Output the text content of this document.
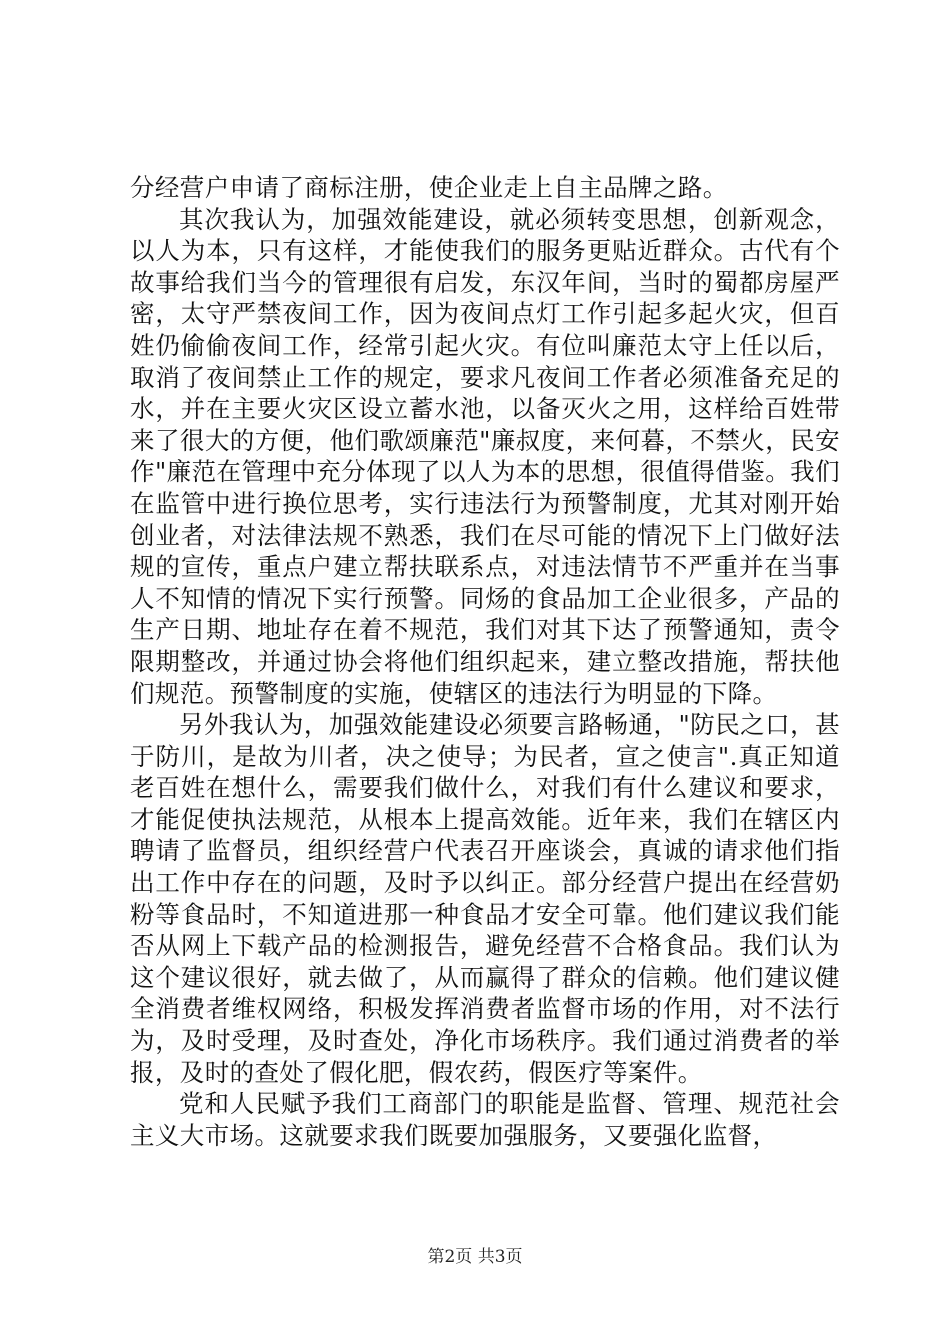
分经营户申请了商标注册，使企业走上自主品牌之路。

其次我认为，加强效能建设，就必须转变思想，创新观念，以人为本，只有这样，才能使我们的服务更贴近群众。古代有个故事给我们当今的管理很有启发，东汉年间，当时的蜀都房屋严密，太守严禁夜间工作，因为夜间点灯工作引起多起火灾，但百姓仍偷偷夜间工作，经常引起火灾。有位叫廉范太守上任以后，取消了夜间禁止工作的规定，要求凡夜间工作者必须准备充足的水，并在主要火灾区设立蓄水池，以备灭火之用，这样给百姓带来了很大的方便，他们歌颂廉范"廉叔度，来何暮，不禁火，民安作"廉范在管理中充分体现了以人为本的思想，很值得借鉴。我们在监管中进行换位思考，实行违法行为预警制度，尤其对刚开始创业者，对法律法规不熟悉，我们在尽可能的情况下上门做好法规的宣传，重点户建立帮扶联系点，对违法情节不严重并在当事人不知情的情况下实行预警。同炀的食品加工企业很多，产品的生产日期、地址存在着不规范，我们对其下达了预警通知，责令限期整改，并通过协会将他们组织起来，建立整改措施，帮扶他们规范。预警制度的实施，使辖区的违法行为明显的下降。

另外我认为，加强效能建设必须要言路畅通，"防民之口，甚于防川，是故为川者，决之使导；为民者，宣之使言".真正知道老百姓在想什么，需要我们做什么，对我们有什么建议和要求，才能促使执法规范，从根本上提高效能。近年来，我们在辖区内聘请了监督员，组织经营户代表召开座谈会，真诚的请求他们指出工作中存在的问题，及时予以纠正。部分经营户提出在经营奶粉等食品时，不知道进那一种食品才安全可靠。他们建议我们能否从网上下载产品的检测报告，避免经营不合格食品。我们认为这个建议很好，就去做了，从而赢得了群众的信赖。他们建议健全消费者维权网络，积极发挥消费者监督市场的作用，对不法行为，及时受理，及时查处，净化市场秩序。我们通过消费者的举报，及时的查处了假化肥，假农药，假医疗等案件。

党和人民赋予我们工商部门的职能是监督、管理、规范社会主义大市场。这就要求我们既要加强服务，又要强化监督，

第2页 共3页
